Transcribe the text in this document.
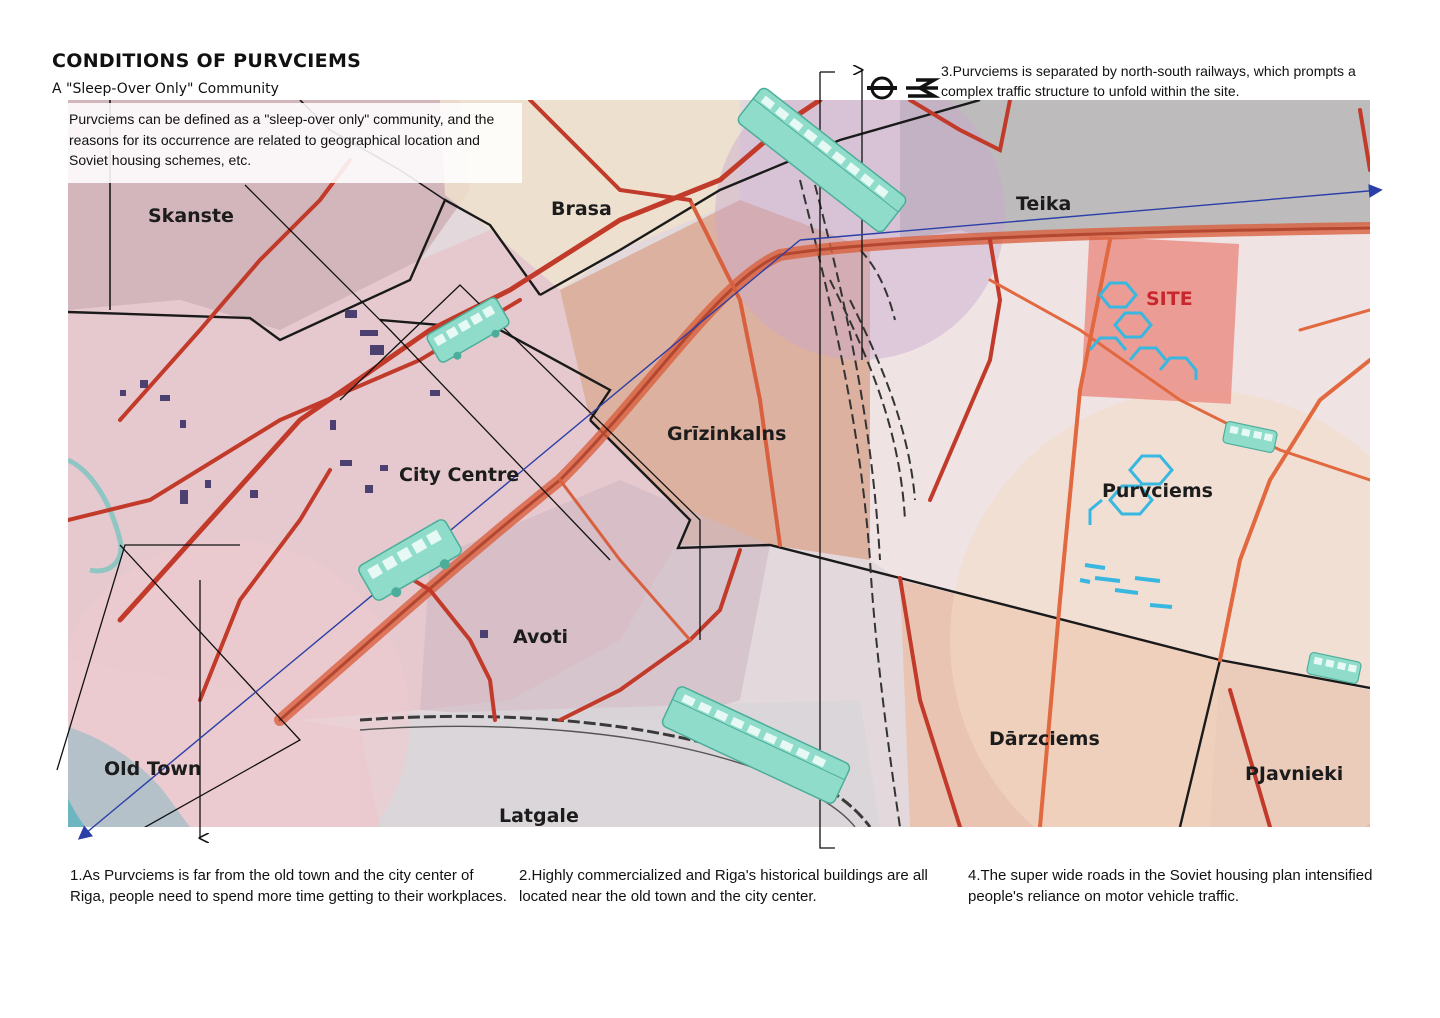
Skanste	Brasa	Teika
SITE
Grīzinkalns
City Centre
Purvciems
Avoti
Dārzciems
Old Town
Latgale
PJavnieki
CONDITIONS OF PURVCIEMS
A "Sleep-Over Only" Community
Purvciems can be defined as a "sleep-over only" community, and the reasons for its occurrence are related to geographical location and Soviet housing schemes, etc.
3.Purvciems is separated by north-south railways, which prompts a complex traffic structure to unfold within the site.
1.As Purvciems is far from the old town and the city center of Riga, people need to spend more time getting to their workplaces.
2.Highly commercialized and Riga's historical buildings are all located near the old town and the city center.
4.The super wide roads in the Soviet housing plan intensified people's reliance on motor vehicle traffic.
